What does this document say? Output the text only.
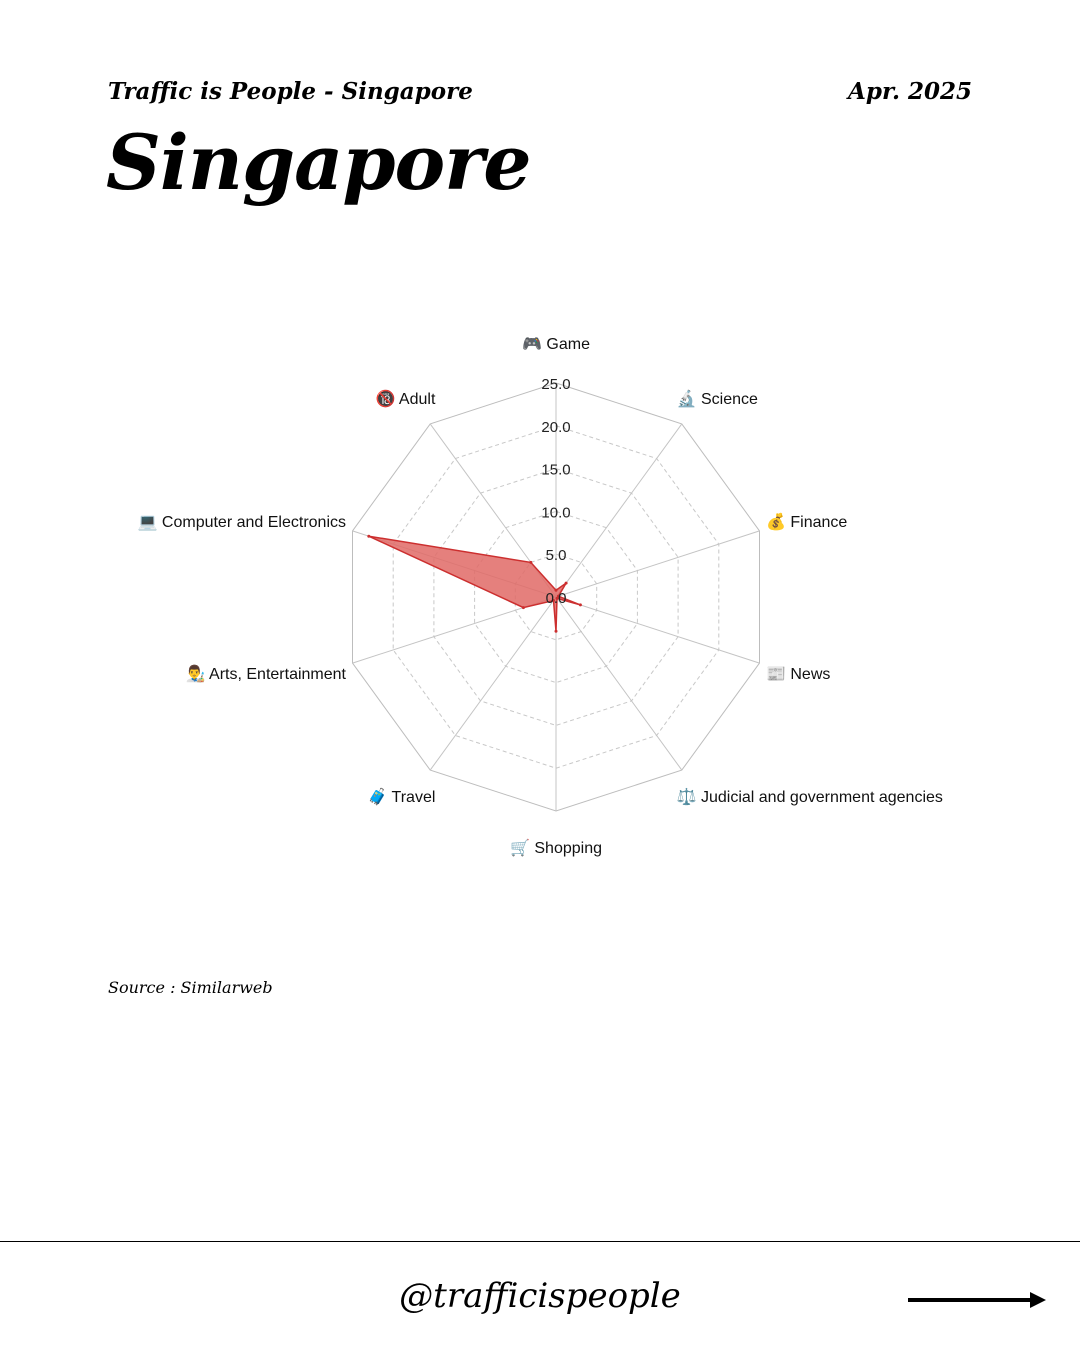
Traffic is People - Singapore	Apr. 2025
Singapore
0.0
5.0
10.0
15.0
20.0
25.0
🎮 Game
🔬 Science
💰 Finance
📰 News
⚖️ Judicial and government agencies
🛒 Shopping
🧳 Travel
👨‍🎨 Arts, Entertainment
💻 Computer and Electronics
🔞 Adult
Source : Similarweb
@trafficispeople
